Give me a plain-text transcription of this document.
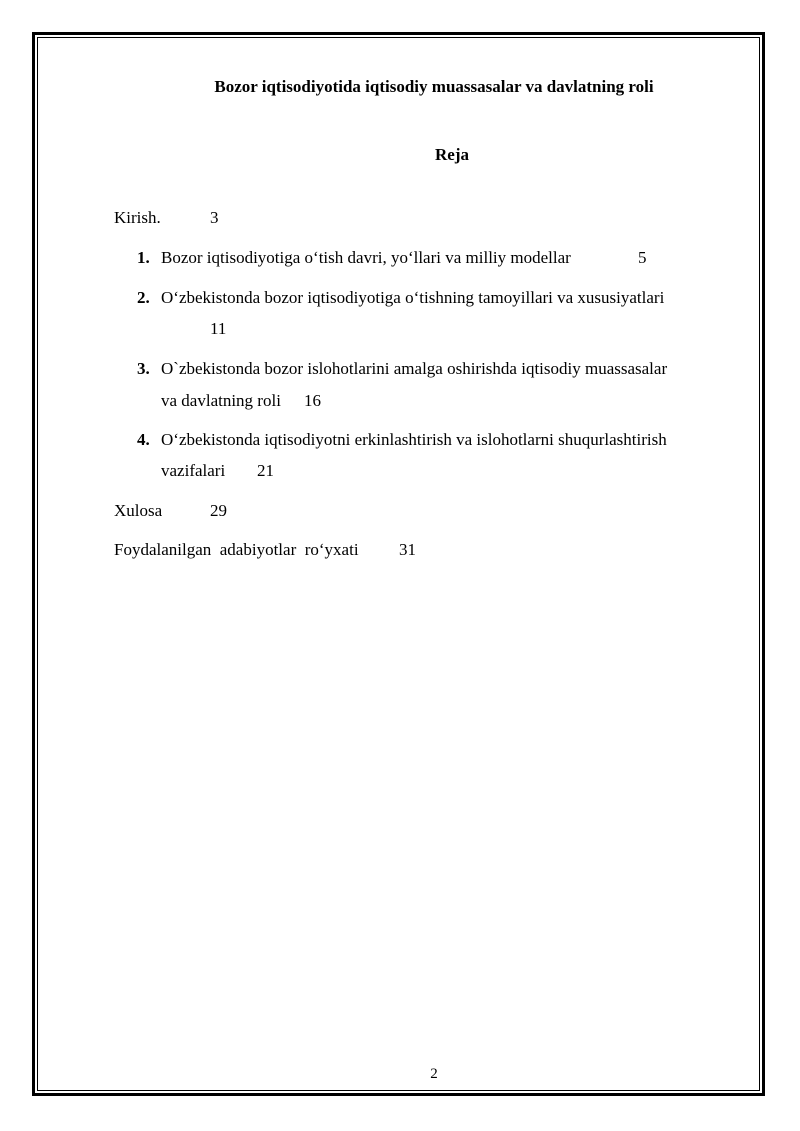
Bozor iqtisodiyotida iqtisodiy muassasalar va davlatning roli
Reja
Kirish.	3
1. Bozor iqtisodiyotiga o‘tish davri, yo‘llari va milliy modellar	5
2. O‘zbekistonda bozor iqtisodiyotiga o‘tishning tamoyillari va xususiyatlari
11
3. O`zbekistonda bozor islohotlarini amalga oshirishda iqtisodiy muassasalar
va davlatning roli 16
4. O‘zbekistonda iqtisodiyotni erkinlashtirish va islohotlarni shuqurlashtirish
vazifalari 21
Xulosa	29
Foydalanilgan  adabiyotlar  ro‘yxati 31
2
